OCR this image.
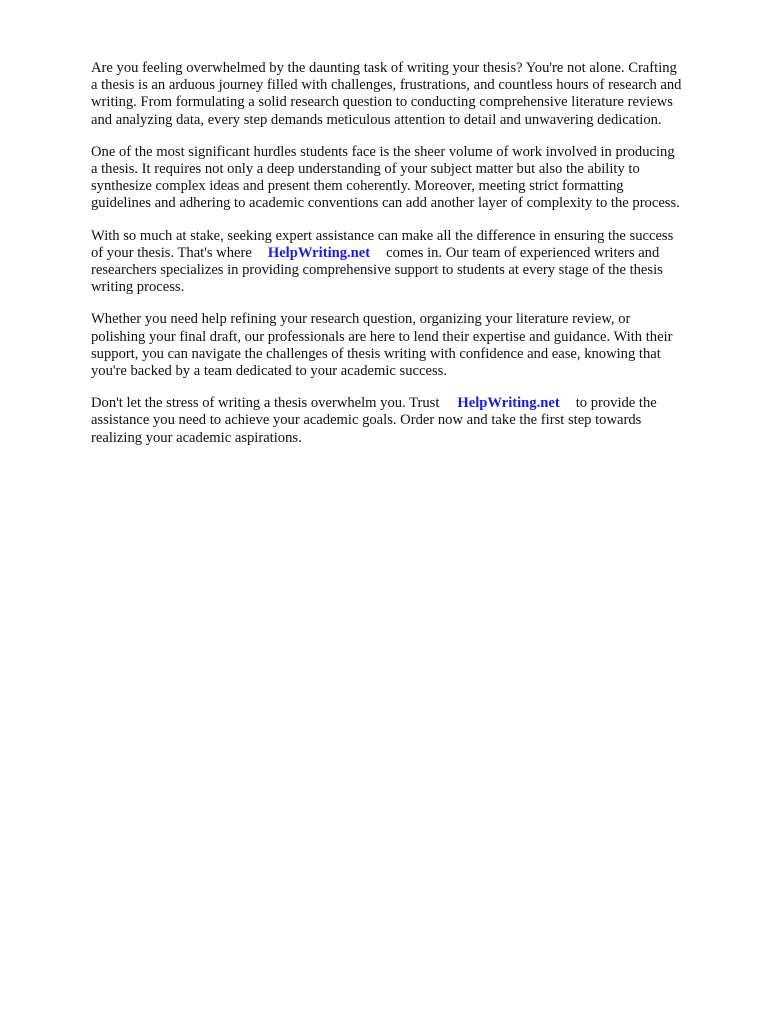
Are you feeling overwhelmed by the daunting task of writing your thesis? You're not alone. Crafting
a thesis is an arduous journey filled with challenges, frustrations, and countless hours of research and
writing. From formulating a solid research question to conducting comprehensive literature reviews
and analyzing data, every step demands meticulous attention to detail and unwavering dedication.

One of the most significant hurdles students face is the sheer volume of work involved in producing
a thesis. It requires not only a deep understanding of your subject matter but also the ability to
synthesize complex ideas and present them coherently. Moreover, meeting strict formatting
guidelines and adhering to academic conventions can add another layer of complexity to the process.

With so much at stake, seeking expert assistance can make all the difference in ensuring the success
of your thesis. That's where HelpWriting.net comes in. Our team of experienced writers and
researchers specializes in providing comprehensive support to students at every stage of the thesis
writing process.

Whether you need help refining your research question, organizing your literature review, or
polishing your final draft, our professionals are here to lend their expertise and guidance. With their
support, you can navigate the challenges of thesis writing with confidence and ease, knowing that
you're backed by a team dedicated to your academic success.

Don't let the stress of writing a thesis overwhelm you. Trust HelpWriting.net to provide the
assistance you need to achieve your academic goals. Order now and take the first step towards
realizing your academic aspirations.
